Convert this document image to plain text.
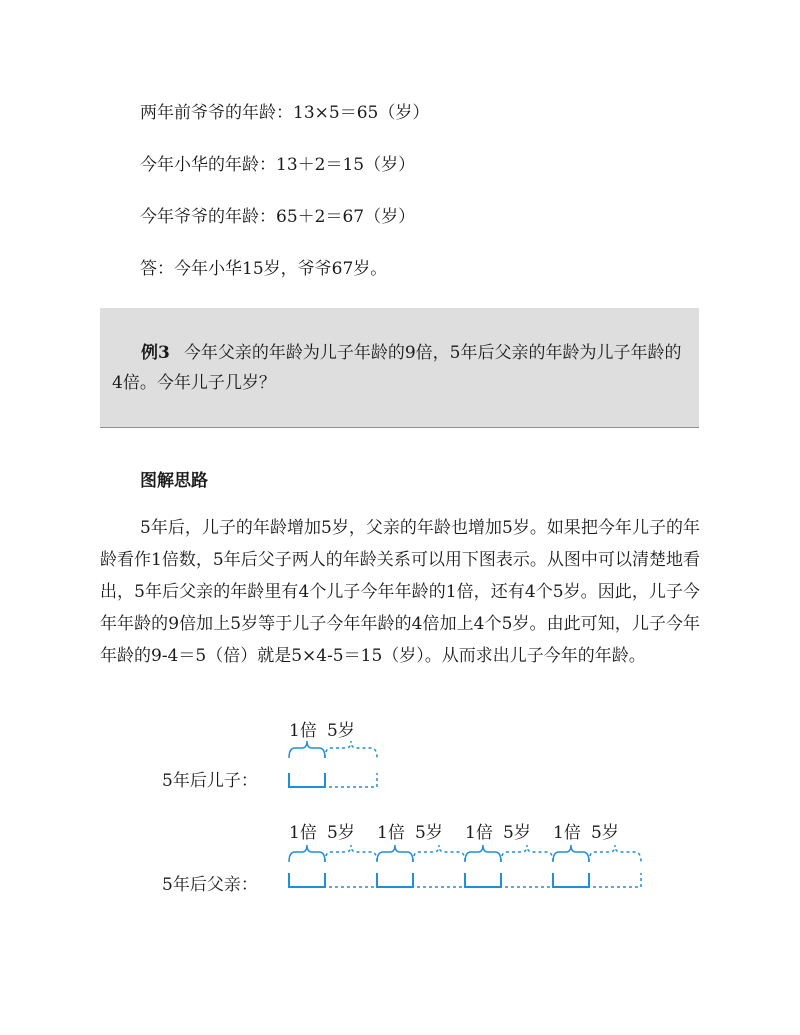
两年前爷爷的年龄：13×5＝65（岁）
今年小华的年龄：13＋2＝15（岁）
今年爷爷的年龄：65＋2＝67（岁）
答：今年小华15岁，爷爷67岁。
例3 今年父亲的年龄为儿子年龄的9倍，5年后父亲的年龄为儿子年龄的4倍。今年儿子几岁？
图解思路
5年后，儿子的年龄增加5岁，父亲的年龄也增加5岁。如果把今年儿子的年龄看作1倍数，5年后父子两人的年龄关系可以用下图表示。从图中可以清楚地看出，5年后父亲的年龄里有4个儿子今年年龄的1倍，还有4个5岁。因此，儿子今年年龄的9倍加上5岁等于儿子今年年龄的4倍加上4个5岁。由此可知，儿子今年年龄的9-4＝5（倍）就是5×4-5＝15（岁）。从而求出儿子今年的年龄。
5年后儿子：
5年后父亲：
1倍 5岁
1倍 5岁 1倍 5岁 1倍 5岁 1倍 5岁
